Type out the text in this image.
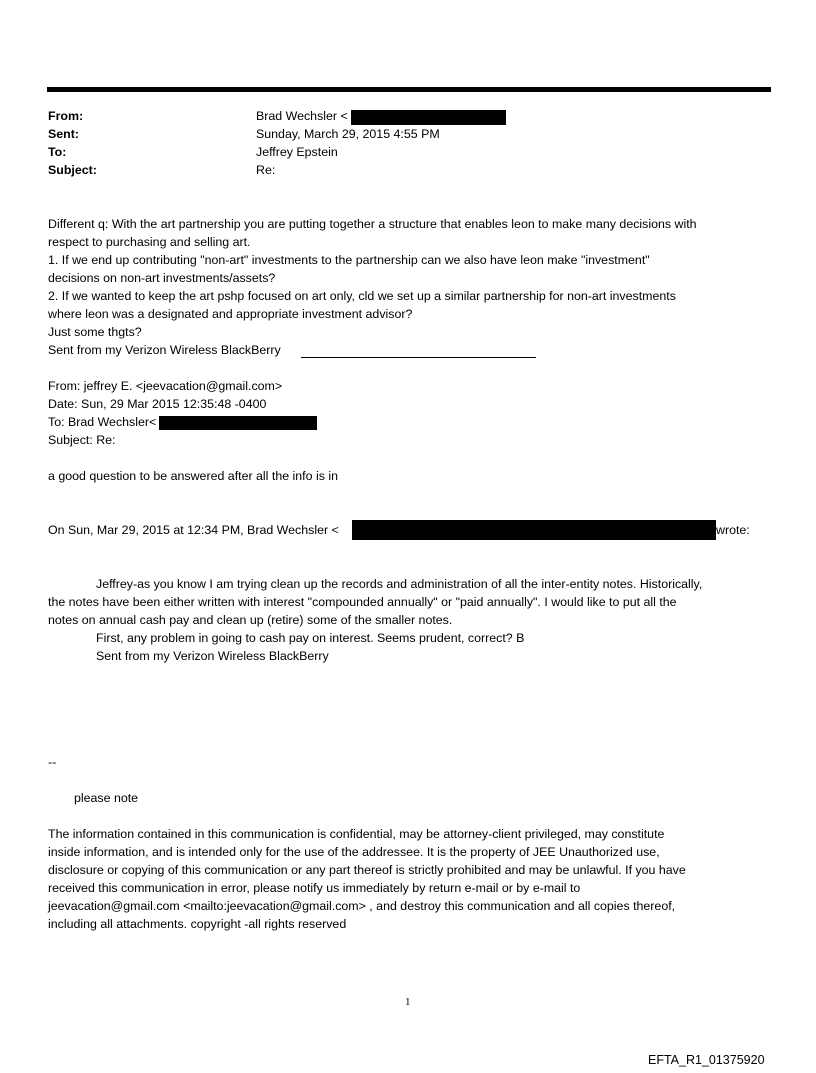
From:	Brad Wechsler <
Sent:	Sunday, March 29, 2015 4:55 PM
To:	Jeffrey Epstein
Subject:	Re:
Different q: With the art partnership you are putting together a structure that enables leon to make many decisions with
respect to purchasing and selling art.
1. If we end up contributing "non-art" investments to the partnership can we also have leon make "investment"
decisions on non-art investments/assets?
2. If we wanted to keep the art pshp focused on art only, cld we set up a similar partnership for non-art investments
where leon was a designated and appropriate investment advisor?
Just some thgts?
Sent from my Verizon Wireless BlackBerry
From: jeffrey E. <jeevacation@gmail.com>
Date: Sun, 29 Mar 2015 12:35:48 -0400
To: Brad Wechsler<
Subject: Re:
a good question to be answered after all the info is in
On Sun, Mar 29, 2015 at 12:34 PM, Brad Wechsler <	wrote:
Jeffrey-as you know I am trying clean up the records and administration of all the inter-entity notes. Historically,
the notes have been either written with interest "compounded annually" or "paid annually". I would like to put all the
notes on annual cash pay and clean up (retire) some of the smaller notes.
First, any problem in going to cash pay on interest. Seems prudent, correct? B
Sent from my Verizon Wireless BlackBerry
--
please note
The information contained in this communication is confidential, may be attorney-client privileged, may constitute
inside information, and is intended only for the use of the addressee. It is the property of JEE Unauthorized use,
disclosure or copying of this communication or any part thereof is strictly prohibited and may be unlawful. If you have
received this communication in error, please notify us immediately by return e-mail or by e-mail to
jeevacation@gmail.com <mailto:jeevacation@gmail.com> , and destroy this communication and all copies thereof,
including all attachments. copyright -all rights reserved
1
EFTA_R1_01375920
